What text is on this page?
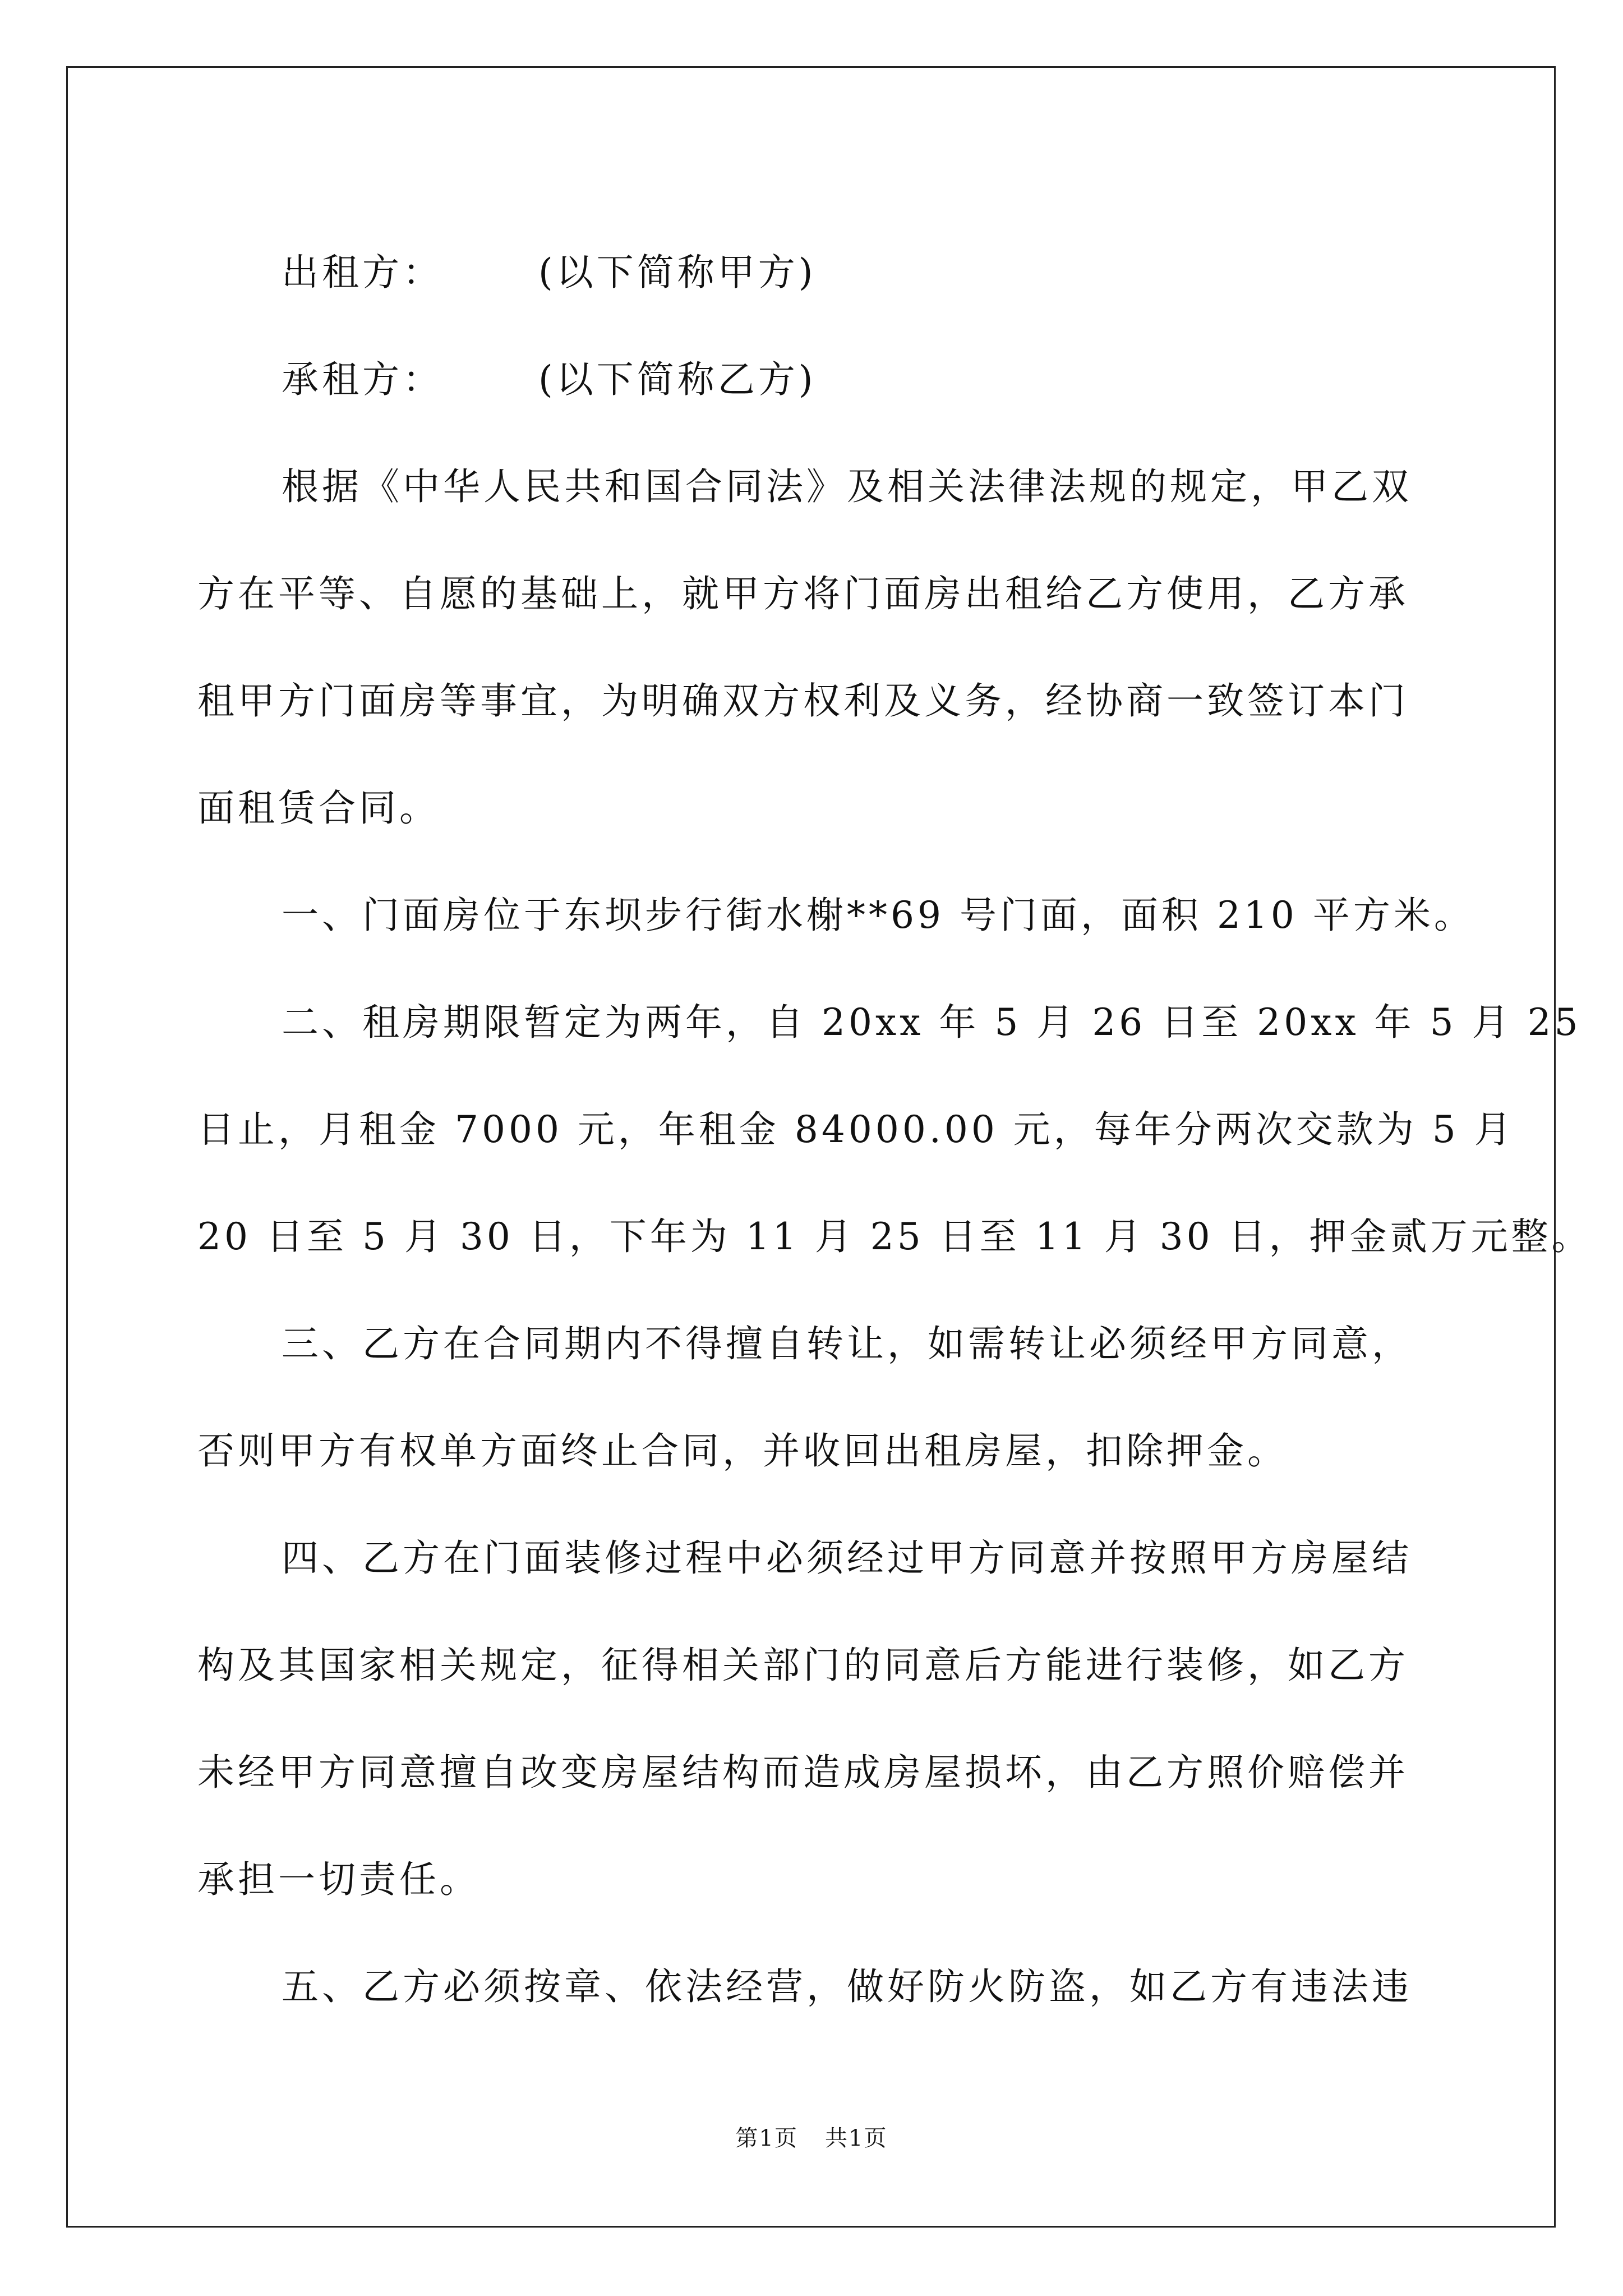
出租方：	(以下简称甲方)
承租方：	(以下简称乙方)
根据《中华人民共和国合同法》及相关法律法规的规定，甲乙双
方在平等、自愿的基础上，就甲方将门面房出租给乙方使用，乙方承
租甲方门面房等事宜，为明确双方权利及义务，经协商一致签订本门
面租赁合同。
一、门面房位于东坝步行街水榭**69 号门面，面积 210 平方米。
二、租房期限暂定为两年，自 20xx 年 5 月 26 日至 20xx 年 5 月 25
日止，月租金 7000 元，年租金 84000.00 元，每年分两次交款为 5 月
20 日至 5 月 30 日，下年为 11 月 25 日至 11 月 30 日，押金贰万元整。
三、乙方在合同期内不得擅自转让，如需转让必须经甲方同意，
否则甲方有权单方面终止合同，并收回出租房屋，扣除押金。
四、乙方在门面装修过程中必须经过甲方同意并按照甲方房屋结
构及其国家相关规定，征得相关部门的同意后方能进行装修，如乙方
未经甲方同意擅自改变房屋结构而造成房屋损坏，由乙方照价赔偿并
承担一切责任。
五、乙方必须按章、依法经营，做好防火防盗，如乙方有违法违
第1页 共1页
